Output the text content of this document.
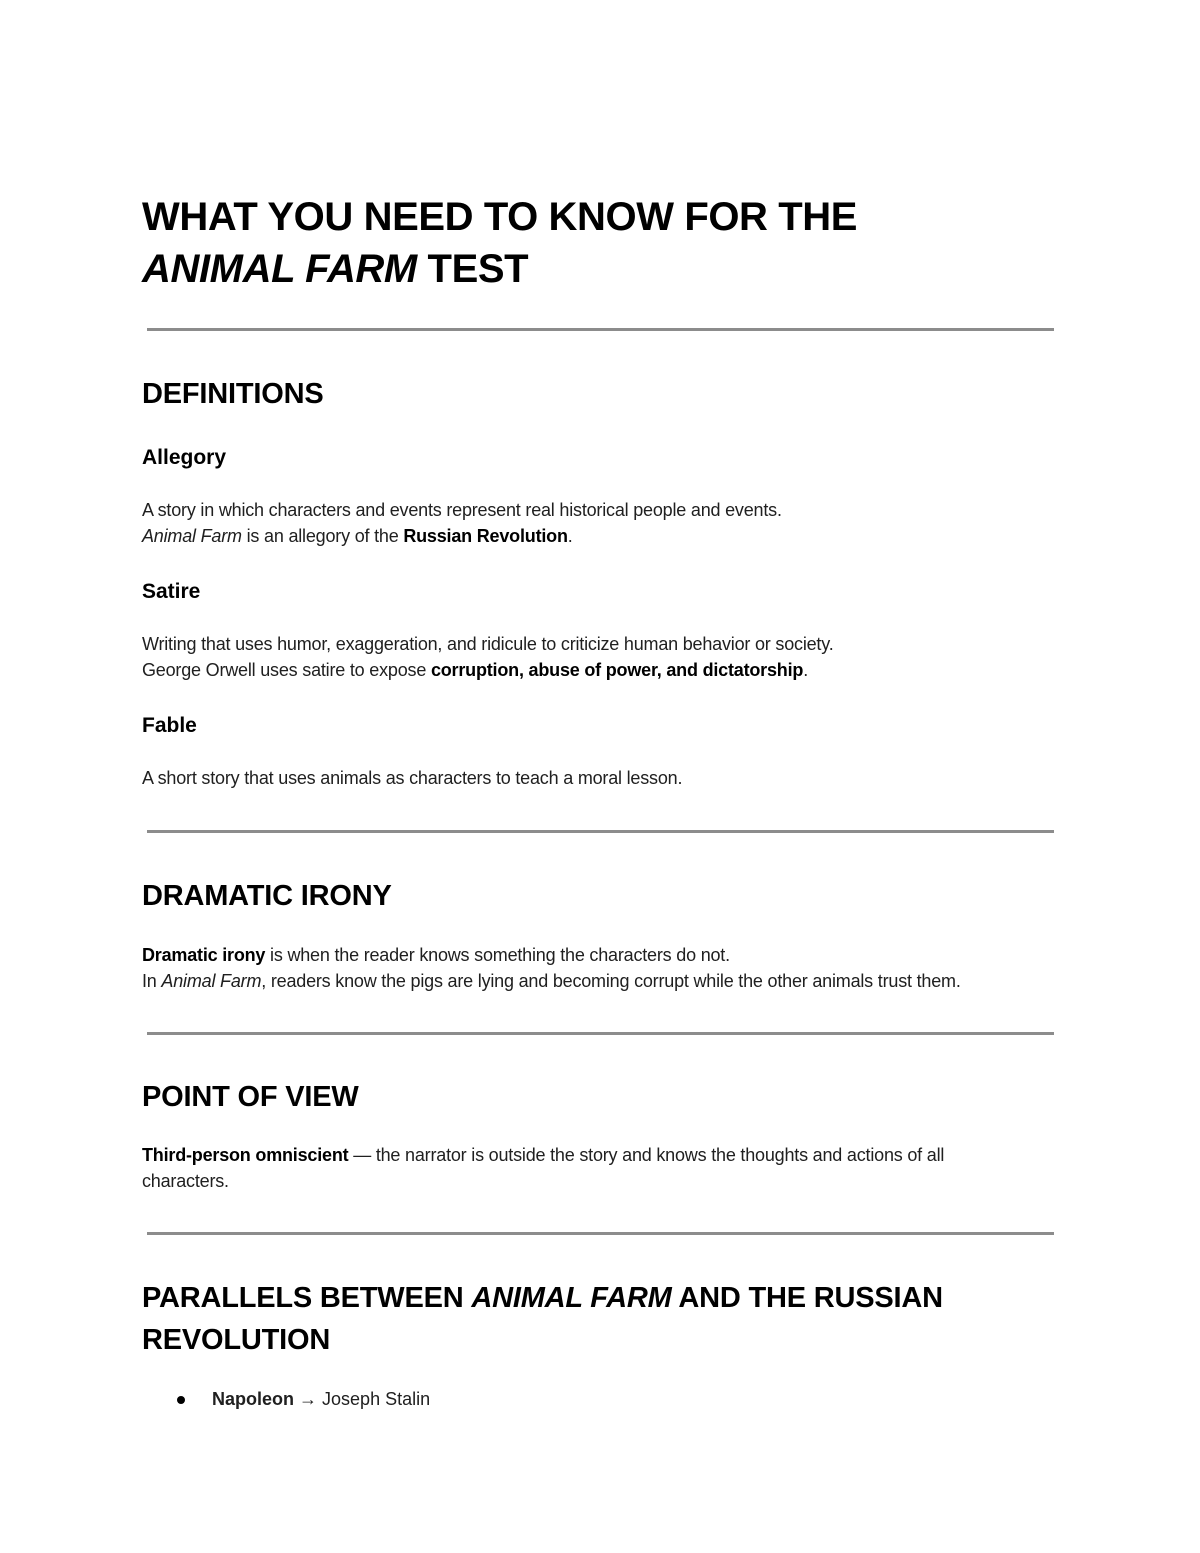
WHAT YOU NEED TO KNOW FOR THE
ANIMAL FARM TEST
DEFINITIONS
Allegory

A story in which characters and events represent real historical people and events.
Animal Farm is an allegory of the Russian Revolution.

Satire

Writing that uses humor, exaggeration, and ridicule to criticize human behavior or society.
George Orwell uses satire to expose corruption, abuse of power, and dictatorship.

Fable

A short story that uses animals as characters to teach a moral lesson.

DRAMATIC IRONY

Dramatic irony is when the reader knows something the characters do not.
In Animal Farm, readers know the pigs are lying and becoming corrupt while the other animals trust them.

POINT OF VIEW

Third-person omniscient — the narrator is outside the story and knows the thoughts and actions of all
characters.

PARALLELS BETWEEN ANIMAL FARM AND THE RUSSIAN
REVOLUTION
Napoleon → Joseph Stalin
